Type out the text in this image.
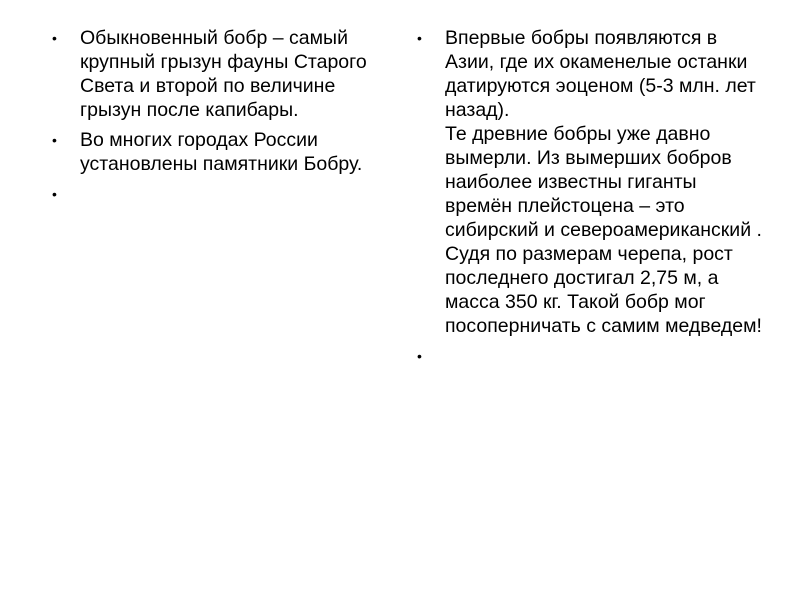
• Обыкновенный бобр – самый крупный грызун фауны Старого Света и второй по величине грызун после капибары.
• Во многих городах России установлены памятники Бобру.
•
• Впервые бобры появляются в Азии, где их окаменелые останки датируются эоценом (5-3 млн. лет назад).
Те древние бобры уже давно вымерли. Из вымерших бобров наиболее известны гиганты времён плейстоцена – это сибирский и североамериканский . Судя по размерам черепа, рост последнего достигал 2,75 м, а масса 350 кг. Такой бобр мог посоперничать с самим медведем!
•
